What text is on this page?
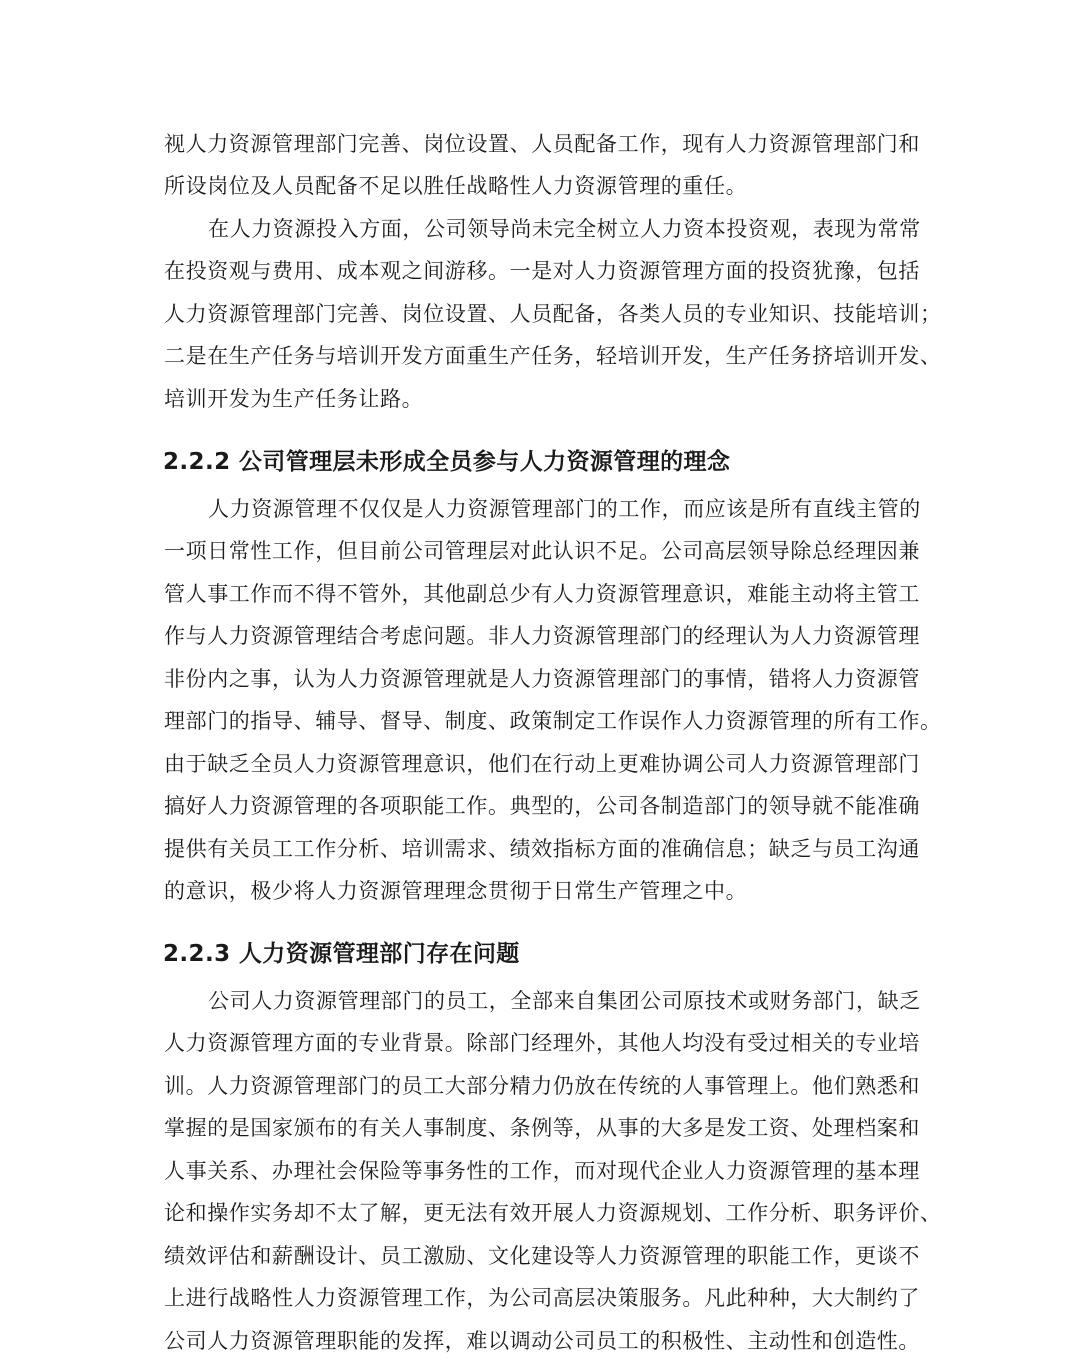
视人力资源管理部门完善、岗位设置、人员配备工作，现有人力资源管理部门和
所设岗位及人员配备不足以胜任战略性人力资源管理的重任。
在人力资源投入方面，公司领导尚未完全树立人力资本投资观，表现为常常
在投资观与费用、成本观之间游移。一是对人力资源管理方面的投资犹豫，包括
人力资源管理部门完善、岗位设置、人员配备，各类人员的专业知识、技能培训；
二是在生产任务与培训开发方面重生产任务，轻培训开发，生产任务挤培训开发、
培训开发为生产任务让路。
2.2.2 公司管理层未形成全员参与人力资源管理的理念
人力资源管理不仅仅是人力资源管理部门的工作，而应该是所有直线主管的
一项日常性工作，但目前公司管理层对此认识不足。公司高层领导除总经理因兼
管人事工作而不得不管外，其他副总少有人力资源管理意识，难能主动将主管工
作与人力资源管理结合考虑问题。非人力资源管理部门的经理认为人力资源管理
非份内之事，认为人力资源管理就是人力资源管理部门的事情，错将人力资源管
理部门的指导、辅导、督导、制度、政策制定工作误作人力资源管理的所有工作。
由于缺乏全员人力资源管理意识，他们在行动上更难协调公司人力资源管理部门
搞好人力资源管理的各项职能工作。典型的，公司各制造部门的领导就不能准确
提供有关员工工作分析、培训需求、绩效指标方面的准确信息；缺乏与员工沟通
的意识，极少将人力资源管理理念贯彻于日常生产管理之中。
2.2.3 人力资源管理部门存在问题
公司人力资源管理部门的员工，全部来自集团公司原技术或财务部门，缺乏
人力资源管理方面的专业背景。除部门经理外，其他人均没有受过相关的专业培
训。人力资源管理部门的员工大部分精力仍放在传统的人事管理上。他们熟悉和
掌握的是国家颁布的有关人事制度、条例等，从事的大多是发工资、处理档案和
人事关系、办理社会保险等事务性的工作，而对现代企业人力资源管理的基本理
论和操作实务却不太了解，更无法有效开展人力资源规划、工作分析、职务评价、
绩效评估和薪酬设计、员工激励、文化建设等人力资源管理的职能工作，更谈不
上进行战略性人力资源管理工作，为公司高层决策服务。凡此种种，大大制约了
公司人力资源管理职能的发挥，难以调动公司员工的积极性、主动性和创造性。
